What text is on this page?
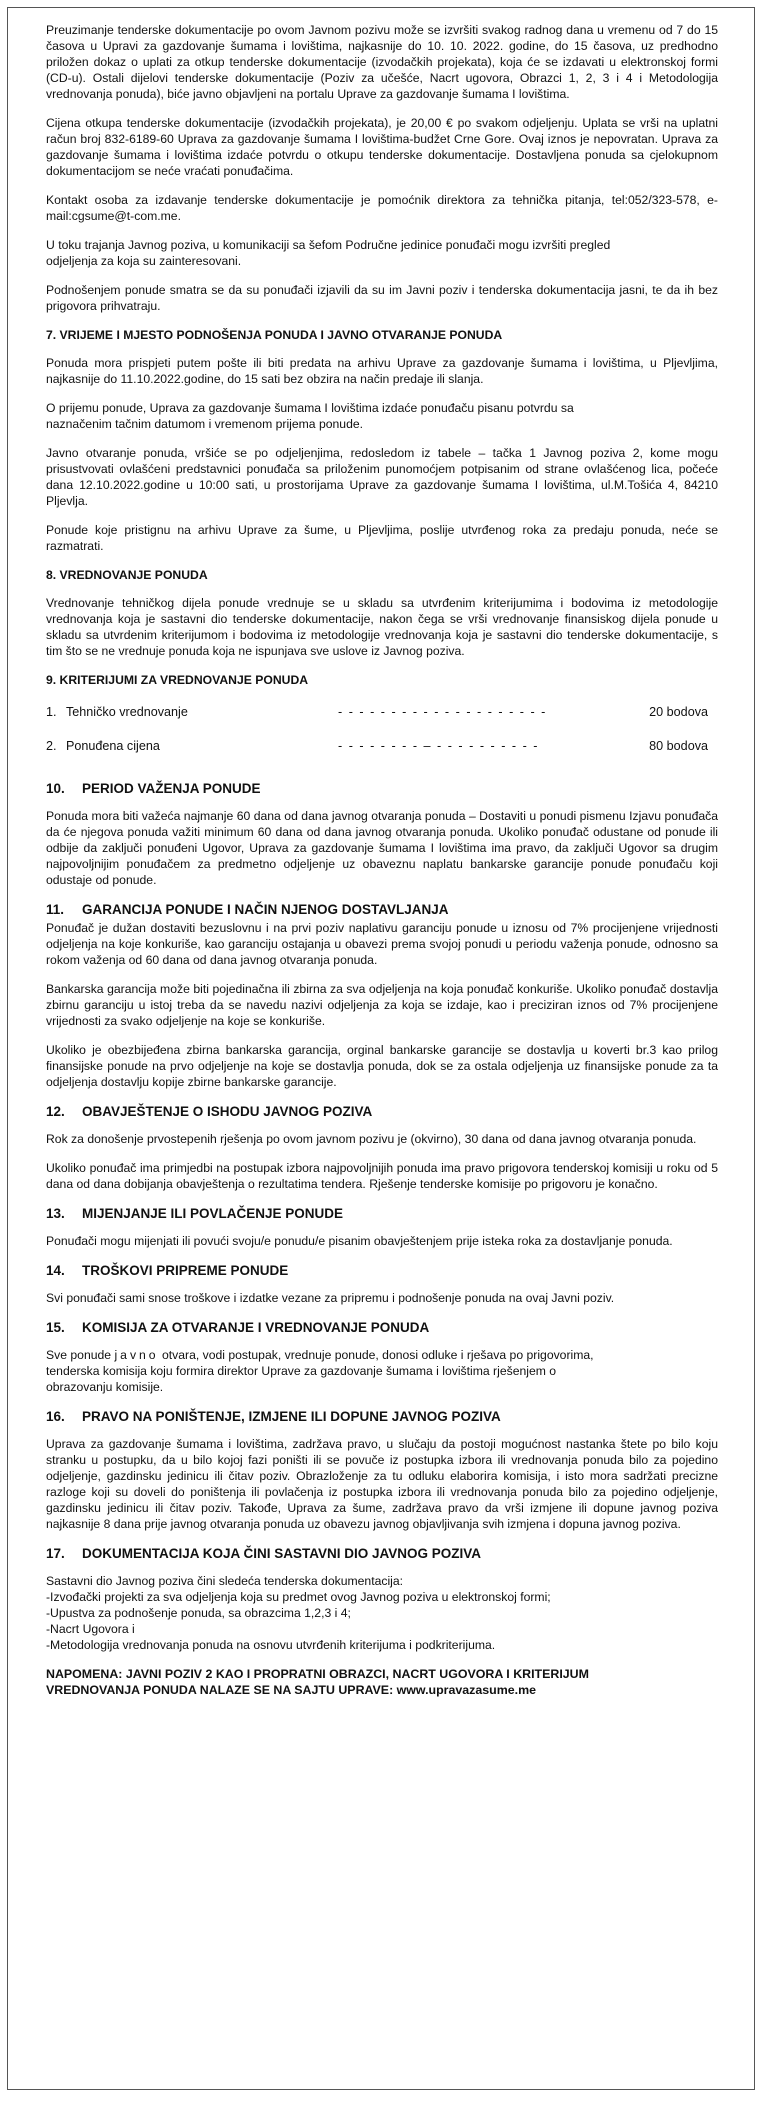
Preuzimanje tenderske dokumentacije po ovom Javnom pozivu može se izvršiti svakog radnog dana u vremenu od 7 do 15 časova u Upravi za gazdovanje šumama i lovištima, najkasnije do 10. 10. 2022. godine, do 15 časova, uz predhodno priložen dokaz o uplati za otkup tenderske dokumentacije (izvodačkih projekata), koja će se izdavati u elektronskoj formi (CD-u). Ostali dijelovi tenderske dokumentacije (Poziv za učešće, Nacrt ugovora, Obrazci 1, 2, 3 i 4 i Metodologija vrednovanja ponuda), biće javno objavljeni na portalu Uprave za gazdovanje šumama I lovištima.

Cijena otkupa tenderske dokumentacije (izvodačkih projekata), je 20,00 € po svakom odjeljenju. Uplata se vrši na uplatni račun broj 832-6189-60 Uprava za gazdovanje šumama I lovištima-budžet Crne Gore. Ovaj iznos je nepovratan. Uprava za gazdovanje šumama i lovištima izdaće potvrdu o otkupu tenderske dokumentacije. Dostavljena ponuda sa cjelokupnom dokumentacijom se neće vraćati ponuđačima.

Kontakt osoba za izdavanje tenderske dokumentacije je pomoćnik direktora za tehnička pitanja, tel:052/323-578, e-mail:cgsume@t-com.me.

U toku trajanja Javnog poziva, u komunikaciji sa šefom Područne jedinice ponuđači mogu izvršiti pregled
odjeljenja za koja su zainteresovani.

Podnošenjem ponude smatra se da su ponuđači izjavili da su im Javni poziv i tenderska dokumentacija jasni, te da ih bez prigovora prihvatraju.

7. VRIJEME I MJESTO PODNOŠENJA PONUDA I JAVNO OTVARANJE PONUDA

Ponuda mora prispjeti putem pošte ili biti predata na arhivu Uprave za gazdovanje šumama i lovištima, u Pljevljima, najkasnije do 11.10.2022.godine, do 15 sati bez obzira na način predaje ili slanja.

O prijemu ponude, Uprava za gazdovanje šumama I lovištima izdaće ponuđaču pisanu potvrdu sa
naznačenim tačnim datumom i vremenom prijema ponude.

Javno otvaranje ponuda, vršiće se po odjeljenjima, redosledom iz tabele – tačka 1 Javnog poziva 2, kome mogu prisustvovati ovlašćeni predstavnici ponuđača sa priloženim punomoćjem potpisanim od strane ovlašćenog lica, počeće dana 12.10.2022.godine u 10:00 sati, u prostorijama Uprave za gazdovanje šumama I lovištima, ul.M.Tošića 4, 84210 Pljevlja.

Ponude koje pristignu na arhivu Uprave za šume, u Pljevljima, poslije utvrđenog roka za predaju ponuda, neće se razmatrati.

8. VREDNOVANJE PONUDA

Vrednovanje tehničkog dijela ponude vrednuje se u skladu sa utvrđenim kriterijumima i bodovima iz metodologije vrednovanja koja je sastavni dio tenderske dokumentacije, nakon čega se vrši vrednovanje finansiskog dijela ponude u skladu sa utvrdenim kriterijumom i bodovima iz metodologije vrednovanja koja je sastavni dio tenderske dokumentacije, s tim što se ne vrednuje ponuda koja ne ispunjava sve uslove iz Javnog poziva.

9. KRITERIJUMI ZA VREDNOVANJE PONUDA
1. Tehničko vrednovanje	- - - - - - - - - - - - - - - - - - - -	20 bodova
2. Ponuđena cijena	- - - - - - - - – - - - - - - - - - -	80 bodova
10. PERIOD VAŽENJA PONUDE

Ponuda mora biti važeća najmanje 60 dana od dana javnog otvaranja ponuda – Dostaviti u ponudi pismenu Izjavu ponuđača da će njegova ponuda važiti minimum 60 dana od dana javnog otvaranja ponuda. Ukoliko ponuđač odustane od ponude ili odbije da zaključi ponuđeni Ugovor, Uprava za gazdovanje šumama I lovištima ima pravo, da zaključi Ugovor sa drugim najpovoljnijim ponuđačem za predmetno odjeljenje uz obaveznu naplatu bankarske garancije ponude ponuđaču koji odustaje od ponude.

11. GARANCIJA PONUDE I NAČIN NJENOG DOSTAVLJANJA

Ponuđač je dužan dostaviti bezuslovnu i na prvi poziv naplativu garanciju ponude u iznosu od 7% procijenjene vrijednosti odjeljenja na koje konkuriše, kao garanciju ostajanja u obavezi prema svojoj ponudi u periodu važenja ponude, odnosno sa rokom važenja od 60 dana od dana javnog otvaranja ponuda.

Bankarska garancija može biti pojedinačna ili zbirna za sva odjeljenja na koja ponuđač konkuriše. Ukoliko ponuđač dostavlja zbirnu garanciju u istoj treba da se navedu nazivi odjeljenja za koja se izdaje, kao i preciziran iznos od 7% procijenjene vrijednosti za svako odjeljenje na koje se konkuriše.

Ukoliko je obezbijeđena zbirna bankarska garancija, orginal bankarske garancije se dostavlja u koverti br.3 kao prilog finansijske ponude na prvo odjeljenje na koje se dostavlja ponuda, dok se za ostala odjeljenja uz finansijske ponude za ta odjeljenja dostavlju kopije zbirne bankarske garancije.

12. OBAVJEŠTENJE O ISHODU JAVNOG POZIVA

Rok za donošenje prvostepenih rješenja po ovom javnom pozivu je (okvirno), 30 dana od dana javnog otvaranja ponuda.

Ukoliko ponuđač ima primjedbi na postupak izbora najpovoljnijih ponuda ima pravo prigovora tenderskoj komisiji u roku od 5 dana od dana dobijanja obavještenja o rezultatima tendera. Rješenje tenderske komisije po prigovoru je konačno.

13. MIJENJANJE ILI POVLAČENJE PONUDE

Ponuđači mogu mijenjati ili povući svoju/e ponudu/e pisanim obavještenjem prije isteka roka za dostavljanje ponuda.

14. TROŠKOVI PRIPREME PONUDE

Svi ponuđači sami snose troškove i izdatke vezane za pripremu i podnošenje ponuda na ovaj Javni poziv.

15. KOMISIJA ZA OTVARANJE I VREDNOVANJE PONUDA

Sve ponude javno otvara, vodi postupak, vrednuje ponude, donosi odluke i rješava po prigovorima,
tenderska komisija koju formira direktor Uprave za gazdovanje šumama i lovištima rješenjem o
obrazovanju komisije.

16. PRAVO NA PONIŠTENJE, IZMJENE ILI DOPUNE JAVNOG POZIVA

Uprava za gazdovanje šumama i lovištima, zadržava pravo, u slučaju da postoji mogućnost nastanka štete po bilo koju stranku u postupku, da u bilo kojoj fazi poništi ili se povuče iz postupka izbora ili vrednovanja ponuda bilo za pojedino odjeljenje, gazdinsku jedinicu ili čitav poziv. Obrazloženje za tu odluku elaborira komisija, i isto mora sadržati precizne razloge koji su doveli do poništenja ili povlačenja iz postupka izbora ili vrednovanja ponuda bilo za pojedino odjeljenje, gazdinsku jedinicu ili čitav poziv. Takođe, Uprava za šume, zadržava pravo da vrši izmjene ili dopune javnog poziva najkasnije 8 dana prije javnog otvaranja ponuda uz obavezu javnog objavljivanja svih izmjena i dopuna javnog poziva.

17. DOKUMENTACIJA KOJA ČINI SASTAVNI DIO JAVNOG POZIVA

Sastavni dio Javnog poziva čini sledeća tenderska dokumentacija:
-Izvođački projekti za sva odjeljenja koja su predmet ovog Javnog poziva u elektronskoj formi;
-Upustva za podnošenje ponuda, sa obrazcima 1,2,3 i 4;
-Nacrt Ugovora i
-Metodologija vrednovanja ponuda na osnovu utvrđenih kriterijuma i podkriterijuma.

NAPOMENA: JAVNI POZIV 2 KAO I PROPRATNI OBRAZCI, NACRT UGOVORA I KRITERIJUM
VREDNOVANJA PONUDA NALAZE SE NA SAJTU UPRAVE: www.upravazasume.me
